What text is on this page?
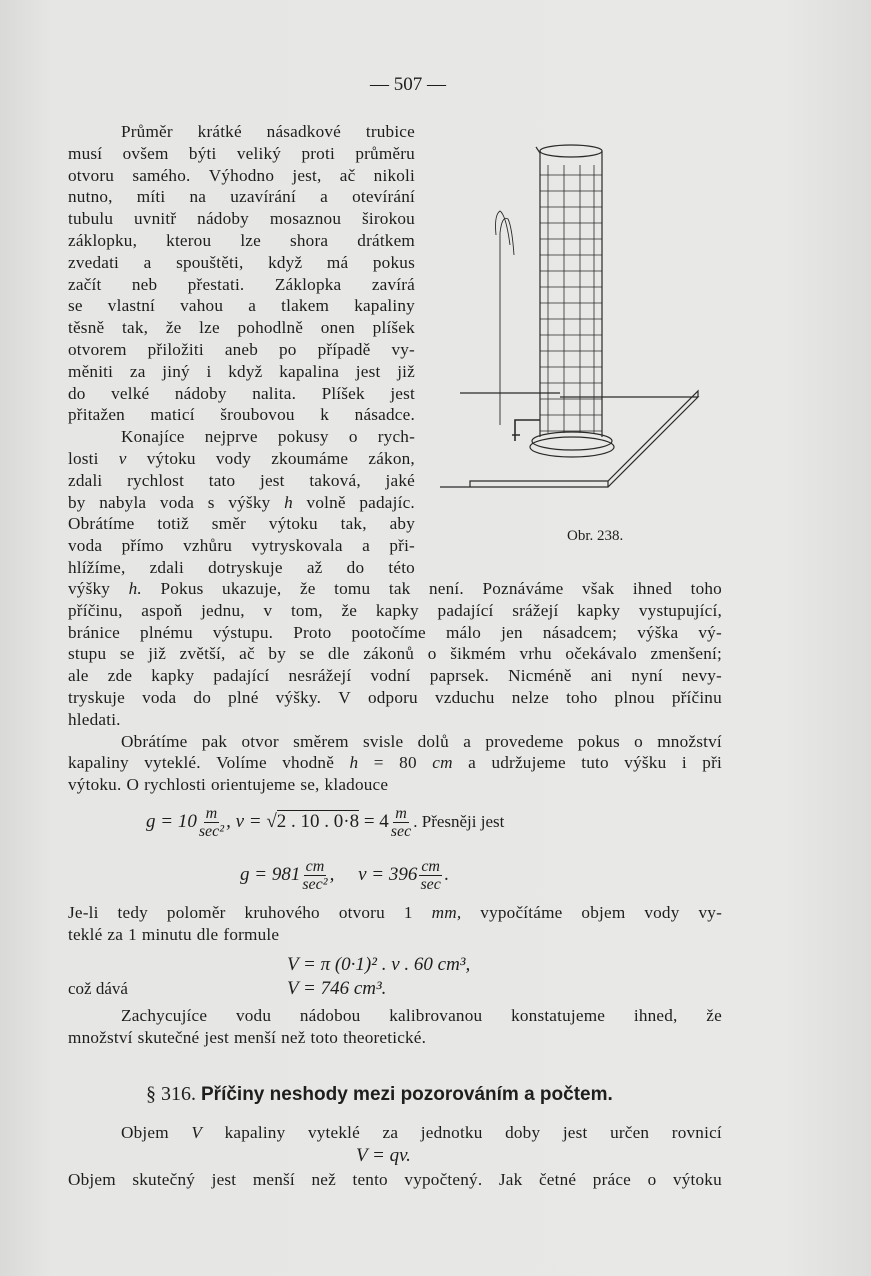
— 507 —
Průměr krátké násadkové trubice
musí ovšem býti veliký proti průměru
otvoru samého. Výhodno jest, ač nikoli
nutno, míti na uzavírání a otevírání
tubulu uvnitř nádoby mosaznou širokou
záklopku, kterou lze shora drátkem
zvedati a spouštěti, když má pokus
začít neb přestati. Záklopka zavírá
se vlastní vahou a tlakem kapaliny
těsně tak, že lze pohodlně onen plíšek
otvorem přiložiti aneb po případě vy-
měniti za jiný i když kapalina jest již
do velké nádoby nalita. Plíšek jest
přitažen maticí šroubovou k násadce.
Konajíce nejprve pokusy o rych-
losti v výtoku vody zkoumáme zákon,
zdali rychlost tato jest taková, jaké
by nabyla voda s výšky h volně padajíc.
Obrátíme totiž směr výtoku tak, aby
voda přímo vzhůru vytryskovala a při-
hlížíme, zdali dotryskuje až do této
Obr. 238.
výšky h. Pokus ukazuje, že tomu tak není. Poznáváme však ihned toho
příčinu, aspoň jednu, v tom, že kapky padající srážejí kapky vystupující,
bránice plnému výstupu. Proto pootočíme málo jen násadcem; výška vý-
stupu se již zvětší, ač by se dle zákonů o šikmém vrhu očekávalo zmenšení;
ale zde kapky padající nesrážejí vodní paprsek. Nicméně ani nyní nevy-
tryskuje voda do plné výšky. V odporu vzduchu nelze toho plnou příčinu
hledati.
Obrátíme pak otvor směrem svisle dolů a provedeme pokus o množství
kapaliny vyteklé. Volíme vhodně h = 80 cm a udržujeme tuto výšku i při
výtoku. O rychlosti orientujeme se, kladouce
$g = 10 \frac{m}{\text{sec²}}$ , v = √2 . 10 . $0\cdot 8 = 4 \frac{m}{\sec}$ . Přesněji jest
$g = 981 \frac{cm}{\text{sec²}}$ ,     $v = 396 \frac{cm}{\sec}$ .
Je-li tedy poloměr kruhového otvoru 1 mm, vypočítáme objem vody vy-
teklé za 1 minutu dle formule
V = π (0·1)² . v . 60 cm³,
což dává	V = 746 cm³.
Zachycujíce vodu nádobou kalibrovanou konstatujeme ihned, že
množství skutečné jest menší než toto theoretické.
§ 316. Příčiny neshody mezi pozorováním a počtem.
Objem V kapaliny vyteklé za jednotku doby jest určen rovnicí
V = qv.
Objem skutečný jest menší než tento vypočtený. Jak četné práce o výtoku
